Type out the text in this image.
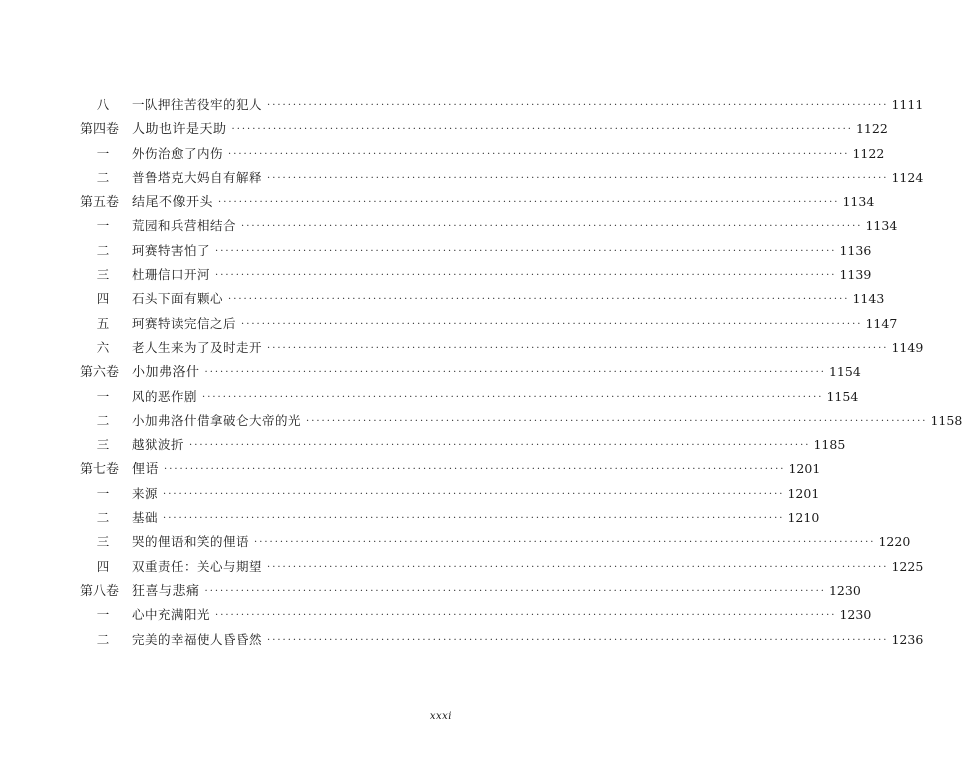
八	一队押往苦役牢的犯人 ························································································································ 1111
第四卷 人助也许是天助 ························································································································ 1122
一	外伤治愈了内伤 ························································································································ 1122
二	普鲁塔克大妈自有解释 ························································································································ 1124
第五卷 结尾不像开头 ························································································································ 1134
一	荒园和兵营相结合 ························································································································ 1134
二	珂赛特害怕了 ························································································································ 1136
三	杜珊信口开河 ························································································································ 1139
四	石头下面有颗心 ························································································································ 1143
五	珂赛特读完信之后 ························································································································ 1147
六	老人生来为了及时走开 ························································································································ 1149
第六卷 小加弗洛什 ························································································································ 1154
一	风的恶作剧 ························································································································ 1154
二	小加弗洛什借拿破仑大帝的光 ························································································································ 1158
三	越狱波折 ························································································································ 1185
第七卷 俚语 ························································································································ 1201
一	来源 ························································································································ 1201
二	基础 ························································································································ 1210
三	哭的俚语和笑的俚语 ························································································································ 1220
四	双重责任：关心与期望 ························································································································ 1225
第八卷 狂喜与悲痛 ························································································································ 1230
一	心中充满阳光 ························································································································ 1230
二	完美的幸福使人昏昏然 ························································································································ 1236
xxxi
